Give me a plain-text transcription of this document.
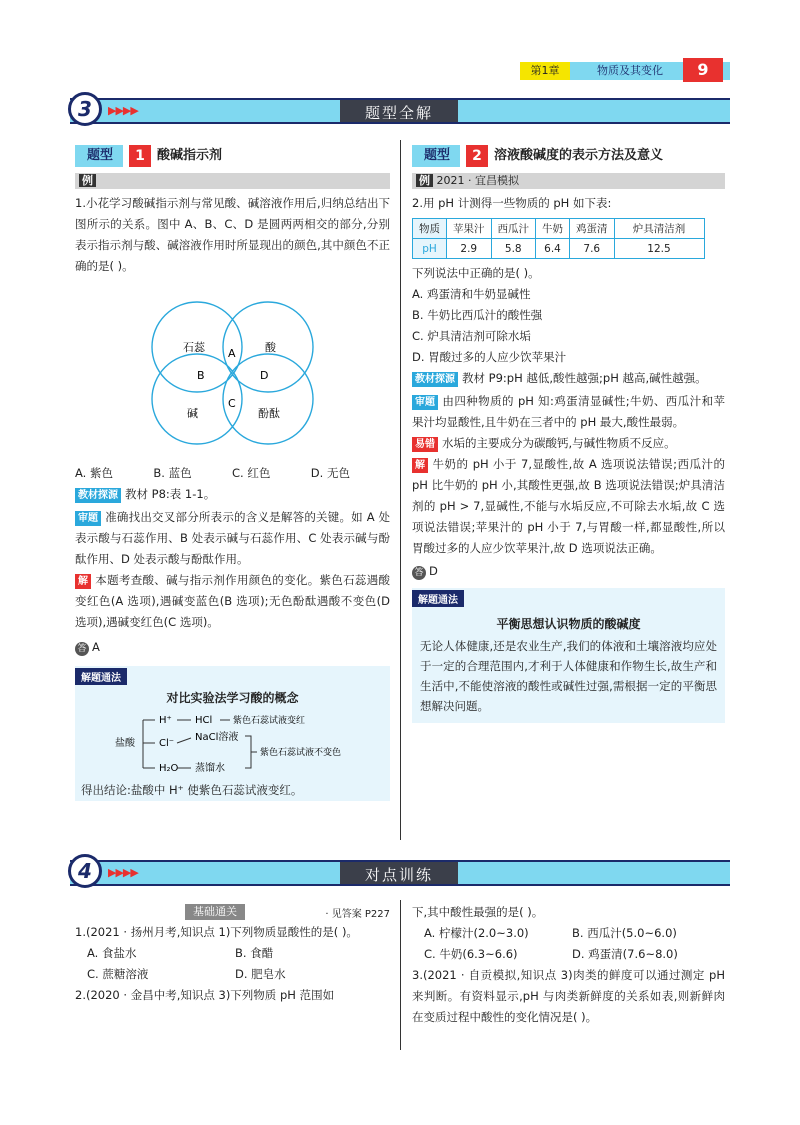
第1章	物质及其变化	9
题型全解
3	▶▶▶▶
题型	1 酸碱指示剂
例
1.小花学习酸碱指示剂与常见酸、碱溶液作用后,归纳总结出下图所示的关系。图中 A、B、C、D 是圆两两相交的部分,分别表示指示剂与酸、碱溶液作用时所显现出的颜色,其中颜色不正确的是( )。
石蕊	酸
碱	酚酞
A
B
C
D
A. 紫色	B. 蓝色	C. 红色	D. 无色
教材探源 教材 P8:表 1-1。
审题 准确找出交叉部分所表示的含义是解答的关键。如 A 处表示酸与石蕊作用、B 处表示碱与石蕊作用、C 处表示碱与酚酞作用、D 处表示酸与酚酞作用。
解 本题考查酸、碱与指示剂作用颜色的变化。紫色石蕊遇酸变红色(A 选项),遇碱变蓝色(B 选项);无色酚酞遇酸不变色(D 选项),遇碱变红色(C 选项)。
答 A
解题通法
对比实验法学习酸的概念
盐酸
H⁺
Cl⁻
H₂O
HCl 紫色石蕊试液变红
NaCl溶液
蒸馏水
紫色石蕊试液不变色
得出结论:盐酸中 H⁺ 使紫色石蕊试液变红。
题型	2 溶液酸碱度的表示方法及意义
例 2021 · 宜昌模拟
2.用 pH 计测得一些物质的 pH 如下表:
物质	苹果汁	西瓜汁	牛奶	鸡蛋清	炉具清洁剂
pH	2.9	5.8	6.4	7.6	12.5
下列说法中正确的是( )。
A. 鸡蛋清和牛奶显碱性
B. 牛奶比西瓜汁的酸性强
C. 炉具清洁剂可除水垢
D. 胃酸过多的人应少饮苹果汁
教材探源 教材 P9:pH 越低,酸性越强;pH 越高,碱性越强。
审题 由四种物质的 pH 知:鸡蛋清显碱性;牛奶、西瓜汁和苹果汁均显酸性,且牛奶在三者中的 pH 最大,酸性最弱。
易错 水垢的主要成分为碳酸钙,与碱性物质不反应。
解 牛奶的 pH 小于 7,显酸性,故 A 选项说法错误;西瓜汁的 pH 比牛奶的 pH 小,其酸性更强,故 B 选项说法错误;炉具清洁剂的 pH > 7,显碱性,不能与水垢反应,不可除去水垢,故 C 选项说法错误;苹果汁的 pH 小于 7,与胃酸一样,都显酸性,所以胃酸过多的人应少饮苹果汁,故 D 选项说法正确。
答 D
解题通法
平衡思想认识物质的酸碱度
无论人体健康,还是农业生产,我们的体液和土壤溶液均应处于一定的合理范围内,才利于人体健康和作物生长,故生产和生活中,不能使溶液的酸性或碱性过强,需根据一定的平衡思想解决问题。
对点训练
4	▶▶▶▶
基础通关	· 见答案 P227
1.(2021 · 扬州月考,知识点 1)下列物质显酸性的是( )。
A. 食盐水	B. 食醋
C. 蔗糖溶液	D. 肥皂水
2.(2020 · 金昌中考,知识点 3)下列物质 pH 范围如
下,其中酸性最强的是( )。
A. 柠檬汁(2.0~3.0)	B. 西瓜汁(5.0~6.0)
C. 牛奶(6.3~6.6)	D. 鸡蛋清(7.6~8.0)
3.(2021 · 自贡模拟,知识点 3)肉类的鲜度可以通过测定 pH 来判断。有资料显示,pH 与肉类新鲜度的关系如表,则新鲜肉在变质过程中酸性的变化情况是( )。
